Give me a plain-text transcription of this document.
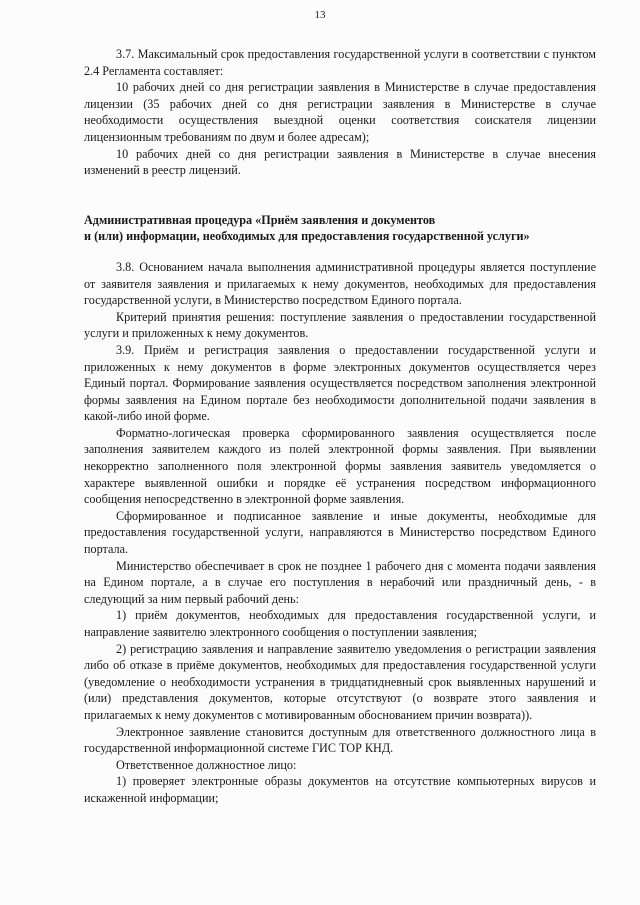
13

3.7. Максимальный срок предоставления государственной услуги в соответствии с пунктом 2.4 Регламента составляет:

10 рабочих дней со дня регистрации заявления в Министерстве в случае предоставления лицензии (35 рабочих дней со дня регистрации заявления в Министерстве в случае необходимости осуществления выездной оценки соответствия соискателя лицензии лицензионным требованиям по двум и более адресам);

10 рабочих дней со дня регистрации заявления в Министерстве в случае внесения изменений в реестр лицензий.

Административная процедура «Приём заявления и документов
и (или) информации, необходимых для предоставления государственной услуги»

3.8. Основанием начала выполнения административной процедуры является поступление от заявителя заявления и прилагаемых к нему документов, необходимых для предоставления государственной услуги, в Министерство посредством Единого портала.

Критерий принятия решения: поступление заявления о предоставлении государственной услуги и приложенных к нему документов.

3.9. Приём и регистрация заявления о предоставлении государственной услуги и приложенных к нему документов в форме электронных документов осуществляется через Единый портал. Формирование заявления осуществляется посредством заполнения электронной формы заявления на Едином портале без необходимости дополнительной подачи заявления в какой-либо иной форме.

Форматно-логическая проверка сформированного заявления осуществляется после заполнения заявителем каждого из полей электронной формы заявления. При выявлении некорректно заполненного поля электронной формы заявления заявитель уведомляется о характере выявленной ошибки и порядке её устранения посредством информационного сообщения непосредственно в электронной форме заявления.

Сформированное и подписанное заявление и иные документы, необходимые для предоставления государственной услуги, направляются в Министерство посредством Единого портала.

Министерство обеспечивает в срок не позднее 1 рабочего дня с момента подачи заявления на Едином портале, а в случае его поступления в нерабочий или праздничный день, - в следующий за ним первый рабочий день:

1) приём документов, необходимых для предоставления государственной услуги, и направление заявителю электронного сообщения о поступлении заявления;

2) регистрацию заявления и направление заявителю уведомления о регистрации заявления либо об отказе в приёме документов, необходимых для предоставления государственной услуги (уведомление о необходимости устранения в тридцатидневный срок выявленных нарушений и (или) представления документов, которые отсутствуют (о возврате этого заявления и прилагаемых к нему документов с мотивированным обоснованием причин возврата)).

Электронное заявление становится доступным для ответственного должностного лица в государственной информационной системе ГИС ТОР КНД.

Ответственное должностное лицо:

1) проверяет электронные образы документов на отсутствие компьютерных вирусов и искаженной информации;
